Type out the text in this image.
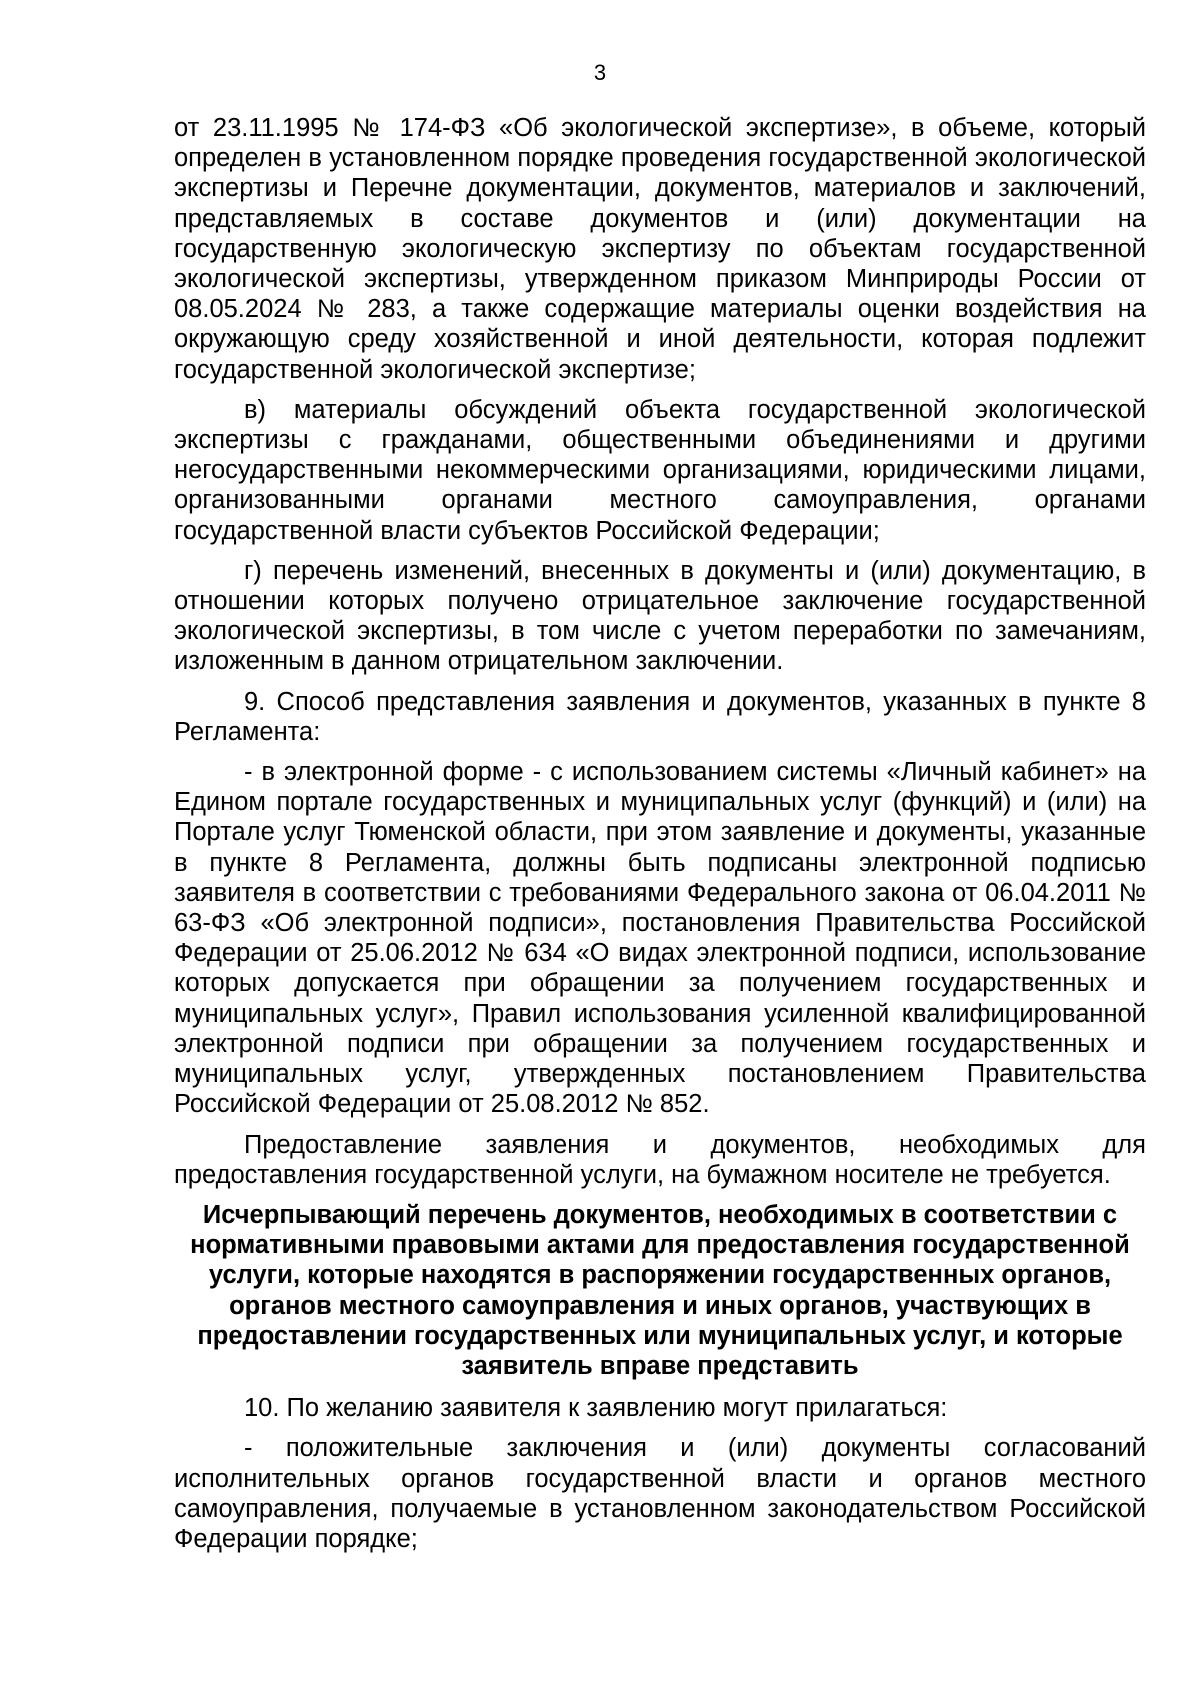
3

от 23.11.1995 № 174-ФЗ «Об экологической экспертизе», в объеме, который определен в установленном порядке проведения государственной экологической экспертизы и Перечне документации, документов, материалов и заключений, представляемых в составе документов и (или) документации на государственную экологическую экспертизу по объектам государственной экологической экспертизы, утвержденном приказом Минприроды России от 08.05.2024 № 283, а также содержащие материалы оценки воздействия на окружающую среду хозяйственной и иной деятельности, которая подлежит государственной экологической экспертизе;

в) материалы обсуждений объекта государственной экологической экспертизы с гражданами, общественными объединениями и другими негосударственными некоммерческими организациями, юридическими лицами, организованными органами местного самоуправления, органами государственной власти субъектов Российской Федерации;

г) перечень изменений, внесенных в документы и (или) документацию, в отношении которых получено отрицательное заключение государственной экологической экспертизы, в том числе с учетом переработки по замечаниям, изложенным в данном отрицательном заключении.

9. Способ представления заявления и документов, указанных в пункте 8 Регламента:

- в электронной форме - с использованием системы «Личный кабинет» на Едином портале государственных и муниципальных услуг (функций) и (или) на Портале услуг Тюменской области, при этом заявление и документы, указанные в пункте 8 Регламента, должны быть подписаны электронной подписью заявителя в соответствии с требованиями Федерального закона от 06.04.2011 № 63-ФЗ «Об электронной подписи», постановления Правительства Российской Федерации от 25.06.2012 № 634 «О видах электронной подписи, использование которых допускается при обращении за получением государственных и муниципальных услуг», Правил использования усиленной квалифицированной электронной подписи при обращении за получением государственных и муниципальных услуг, утвержденных постановлением Правительства Российской Федерации от 25.08.2012 № 852.

Предоставление заявления и документов, необходимых для предоставления государственной услуги, на бумажном носителе не требуется.

Исчерпывающий перечень документов, необходимых в соответствии с нормативными правовыми актами для предоставления государственной услуги, которые находятся в распоряжении государственных органов, органов местного самоуправления и иных органов, участвующих в предоставлении государственных или муниципальных услуг, и которые заявитель вправе представить

10. По желанию заявителя к заявлению могут прилагаться:

- положительные заключения и (или) документы согласований исполнительных органов государственной власти и органов местного самоуправления, получаемые в установленном законодательством Российской Федерации порядке;
